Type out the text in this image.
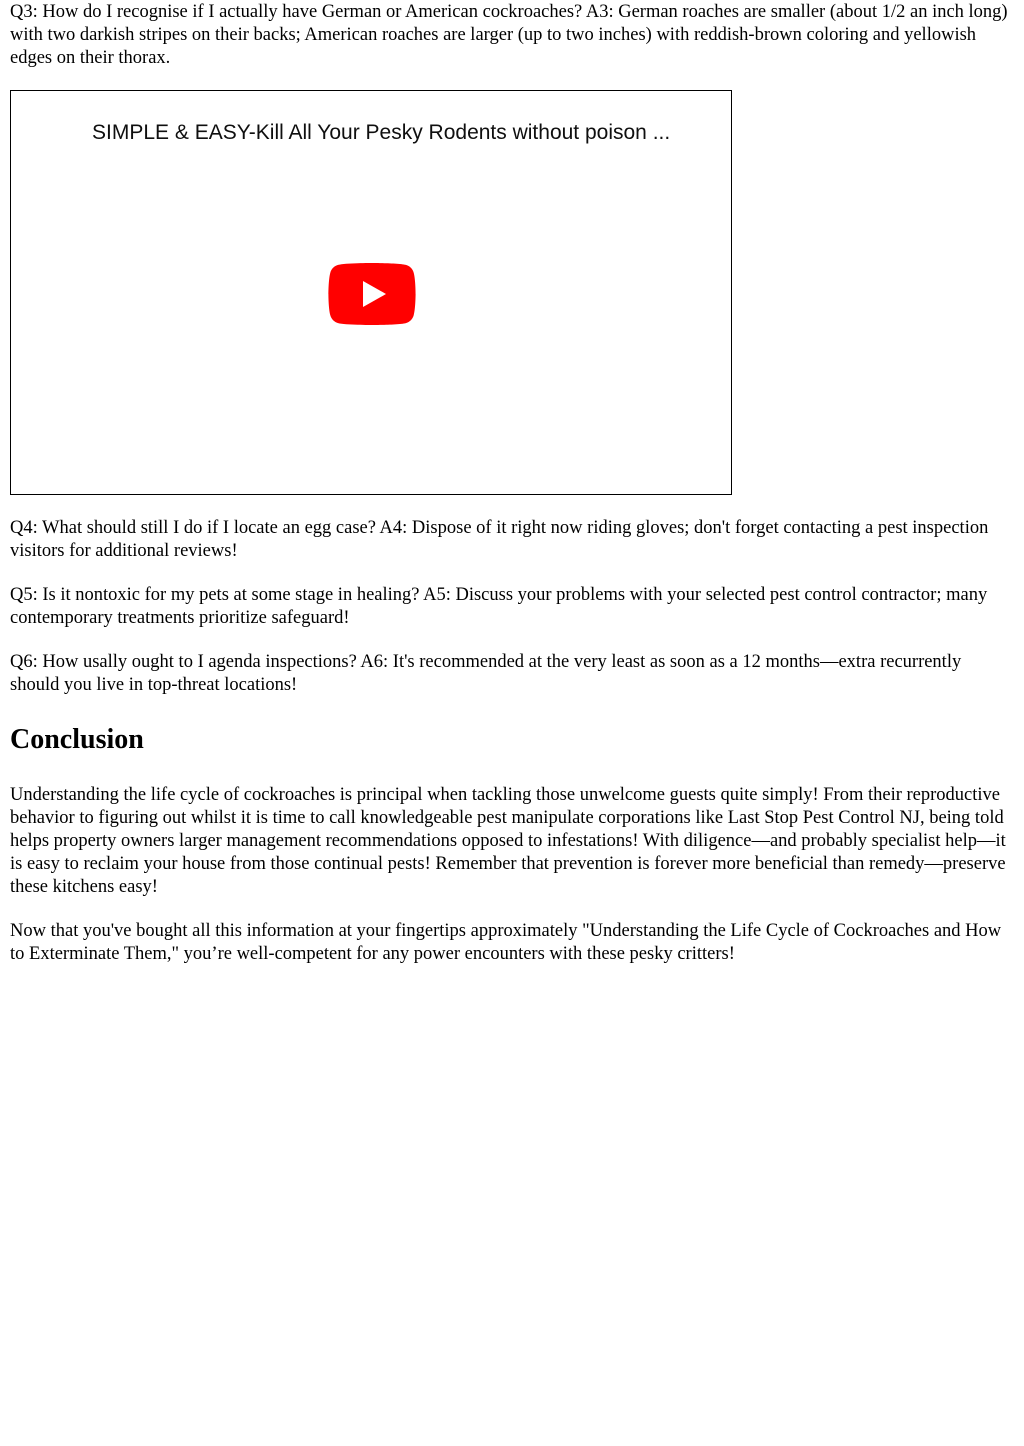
Q3: How do I recognise if I actually have German or American cockroaches? A3: German roaches are smaller (about 1/2 an inch long) with two darkish stripes on their backs; American roaches are larger (up to two inches) with reddish-brown coloring and yellowish edges on their thorax.

SIMPLE & EASY-Kill All Your Pesky Rodents without poison ...

Q4: What should still I do if I locate an egg case? A4: Dispose of it right now riding gloves; don't forget contacting a pest inspection visitors for additional reviews!

Q5: Is it nontoxic for my pets at some stage in healing? A5: Discuss your problems with your selected pest control contractor; many contemporary treatments prioritize safeguard!

Q6: How usally ought to I agenda inspections? A6: It's recommended at the very least as soon as a 12 months—extra recurrently should you live in top-threat locations!

Conclusion

Understanding the life cycle of cockroaches is principal when tackling those unwelcome guests quite simply! From their reproductive behavior to figuring out whilst it is time to call knowledgeable pest manipulate corporations like Last Stop Pest Control NJ, being told helps property owners larger management recommendations opposed to infestations! With diligence—and probably specialist help—it is easy to reclaim your house from those continual pests! Remember that prevention is forever more beneficial than remedy—preserve these kitchens easy!

Now that you've bought all this information at your fingertips approximately "Understanding the Life Cycle of Cockroaches and How to Exterminate Them," you’re well-competent for any power encounters with these pesky critters!
